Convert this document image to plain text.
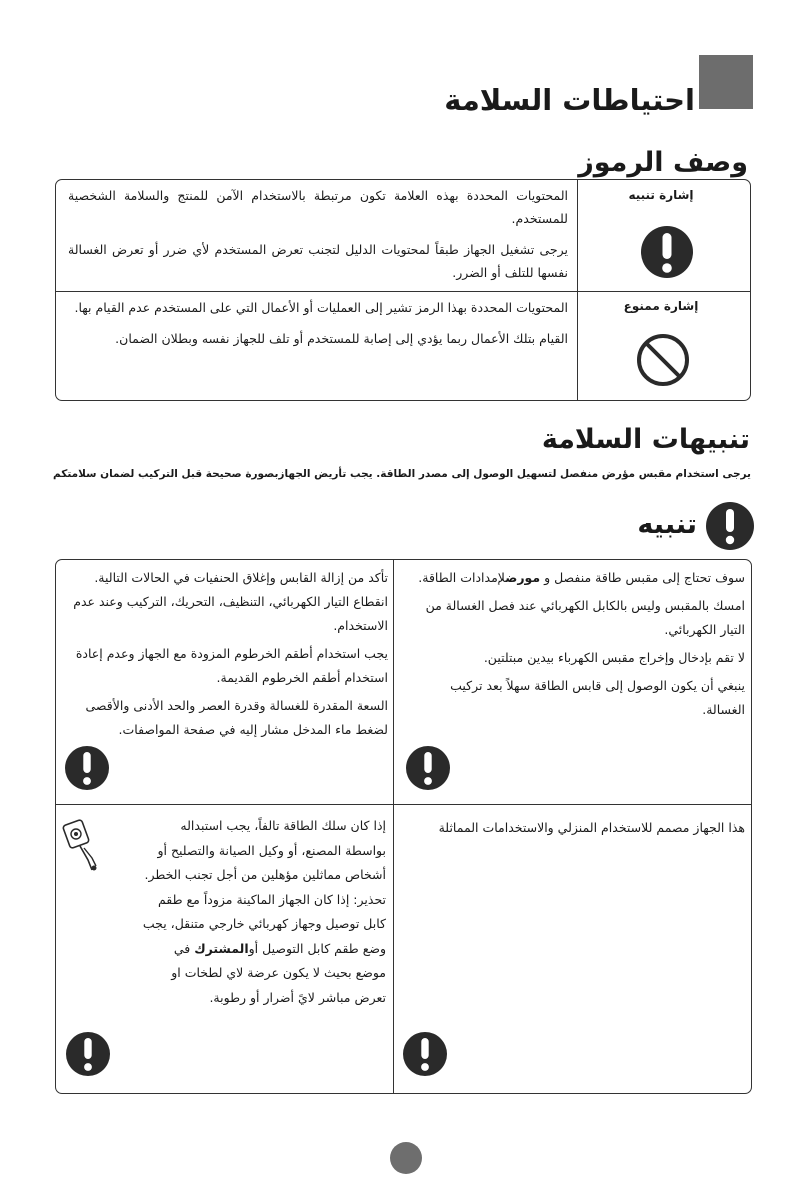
احتياطات السلامة
وصف الرموز
إشارة تنبيه
المحتويات المحددة بهذه العلامة تكون مرتبطة بالاستخدام الآمن للمنتج والسلامة الشخصية للمستخدم.
يرجى تشغيل الجهاز طبقاً لمحتويات الدليل لتجنب تعرض المستخدم لأي ضرر أو تعرض الغسالة نفسها للتلف أو الضرر.
إشارة ممنوع
المحتويات المحددة بهذا الرمز تشير إلى العمليات أو الأعمال التي على المستخدم عدم القيام بها.
القيام بتلك الأعمال ربما يؤدي إلى إصابة للمستخدم أو تلف للجهاز نفسه وبطلان الضمان.
تنبيهات السلامة
يرجى استخدام مقبس مؤرض منفصل لتسهيل الوصول إلى مصدر الطاقة. يجب تأريض الجهازبصورة صحيحة قبل التركيب لضمان سلامتكم
تنبيه

سوف تحتاج إلى مقبس طاقة منفصل و مورضلإمدادات الطاقة.

امسك بالمقبس وليس بالكابل الكهربائي عند فصل الغسالة من التيار الكهربائي.

لا تقم بإدخال وإخراج مقبس الكهرباء بيدين مبتلتين.

ينبغي أن يكون الوصول إلى قابس الطاقة سهلاً بعد تركيب الغسالة.

تأكد من إزالة القابس وإغلاق الحنفيات في الحالات التالية. انقطاع التيار الكهربائي، التنظيف، التحريك، التركيب وعند عدم الاستخدام.

يجب استخدام أطقم الخرطوم المزودة مع الجهاز وعدم إعادة استخدام أطقم الخرطوم القديمة.

السعة المقدرة للغسالة وقدرة العصر والحد الأدنى والأقصى لضغط ماء المدخل مشار إليه في صفحة المواصفات.

هذا الجهاز مصمم للاستخدام المنزلي والاستخدامات المماثلة

إذا كان سلك الطاقة تالفاً، يجب استبداله بواسطة المصنع، أو وكيل الصيانة والتصليح أو أشخاص مماثلين مؤهلين من أجل تجنب الخطر. تحذير: إذا كان الجهاز الماكينة مزوداً مع طقم كابل توصيل وجهاز كهربائي خارجي متنقل، يجب وضع طقم كابل التوصيل أوالمشترك في موضع بحيث لا يكون عرضة لاي لطخات او تعرض مباشر لايً أضرار أو رطوبة.
